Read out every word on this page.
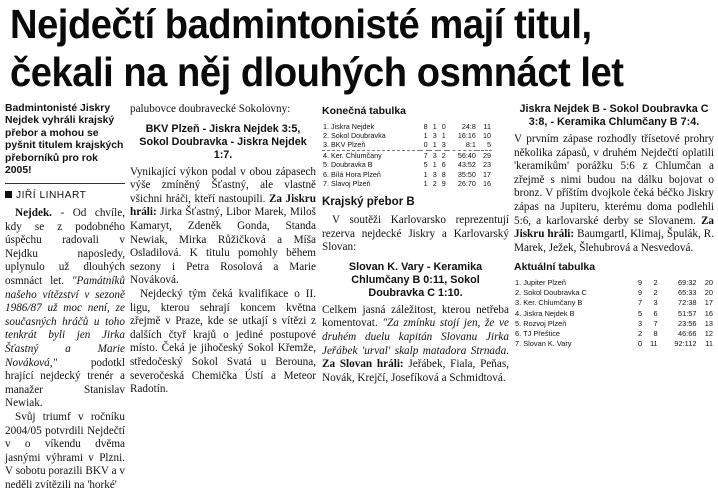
Nejdečtí badmintonisté mají titul,
čekali na něj dlouhých osmnáct let
Badmintonisté Jiskry Nejdek vyhráli krajský přebor a mohou se pyšnit titulem krajských přeborníků pro rok 2005!
JIŘÍ LINHART

Nejdek. - Od chvíle, kdy se z podobného úspěchu radovali v Nejdku naposledy, uplynulo už dlouhých osmnáct let. "Památníků našeho vítězství v sezoně 1986/87 už moc není, ze současných hráčů u toho tenkrát byli jen Jirka Šťastný a Marie Nováková," podotkl hrající nejdecký trenér a manažer Stanislav Newiak.

Svůj triumf v ročníku 2004/05 potvrdili Nejdečtí v o víkendu dvěma jasnými výhrami v Plzni. V sobotu porazili BKV a v neděli zvítězili na 'horké'

palubovce doubravecké Sokolovny:

BKV Plzeň - Jiskra Nejdek 3:5, Sokol Doubravka - Jiskra Nejdek 1:7.

Vynikající výkon podal v obou zápasech výše zmíněný Šťastný, ale vlastně všichni hráči, kteří nastoupili. Za Jiskru hráli: Jirka Šťastný, Libor Marek, Miloš Kamaryt, Zdeněk Gonda, Standa Newiak, Mirka Růžičková a Míša Osladilová. K titulu pomohly během sezony i Petra Rosolová a Marie Nováková.

Nejdecký tým čeká kvalifikace o II. ligu, kterou sehrají koncem května zřejmě v Praze, kde se utkají s vítězi z dalších čtyř krajů o jediné postupové místo. Čeká je jihočeský Sokol Křemže, středočeský Sokol Svatá u Berouna, severočeská Chemička Ústí a Meteor Radotín.

Konečná tabulka
1. Jiskra Nejdek	8	1	0	24:8	11
2. Sokol Doubravka	1	3	1	16:16	10
3. BKV Plzeň	0	1	3	8:1	5
4. Ker. Chlumčany	7	3	2	56:40	29
5. Doubravka B	5	1	6	43:52	23
6. Bílá Hora Plzeň	1	3	8	35:50	17
7. Slavoj Plzeň	1	2	9	26:70	16
Krajský přebor B

V soutěži Karlovarsko reprezentují rezerva nejdecké Jiskry a Karlovarský Slovan:

Slovan K. Vary - Keramika Chlumčany B 0:11, Sokol Doubravka C 1:10.

Celkem jasná záležitost, kterou netřeba komentovat. "Za zmínku stojí jen, že ve druhém duelu kapitán Slovanu Jirka Jeřábek 'urval' skalp matadora Strnada. Za Slovan hráli: Jeřábek, Fiala, Peňas, Novák, Krejčí, Josefíková a Schmidtová.

Jiskra Nejdek B - Sokol Doubravka C 3:8, - Keramika Chlumčany B 7:4.

V prvním zápase rozhodly třísetové prohry několika zápasů, v druhém Nejdečtí oplatili 'keramikům' porážku 5:6 z Chlumčan a zřejmě s nimi budou na dálku bojovat o bronz. V příštím dvojkole čeká béčko Jiskry zápas na Jupiteru, kterému doma podlehli 5:6, a karlovarské derby se Slovanem. Za Jiskru hráli: Baumgartl, Klimaj, Špulák, R. Marek, Ježek, Šlehubrová a Nesvedová.

Aktuální tabulka
1. Jupiter Plzeň	9	2	69:32	20
2. Sokol Doubravka C	9	2	65:33	20
3. Ker. Chlumčany B	7	3	72:38	17
4. Jiskra Nejdek B	5	6	51:57	16
5. Rozvoj Plzeň	3	7	23:56	13
6. TJ Přeštice	2	8	46:66	12
7. Slovan K. Vary	0	11	92:112	11
